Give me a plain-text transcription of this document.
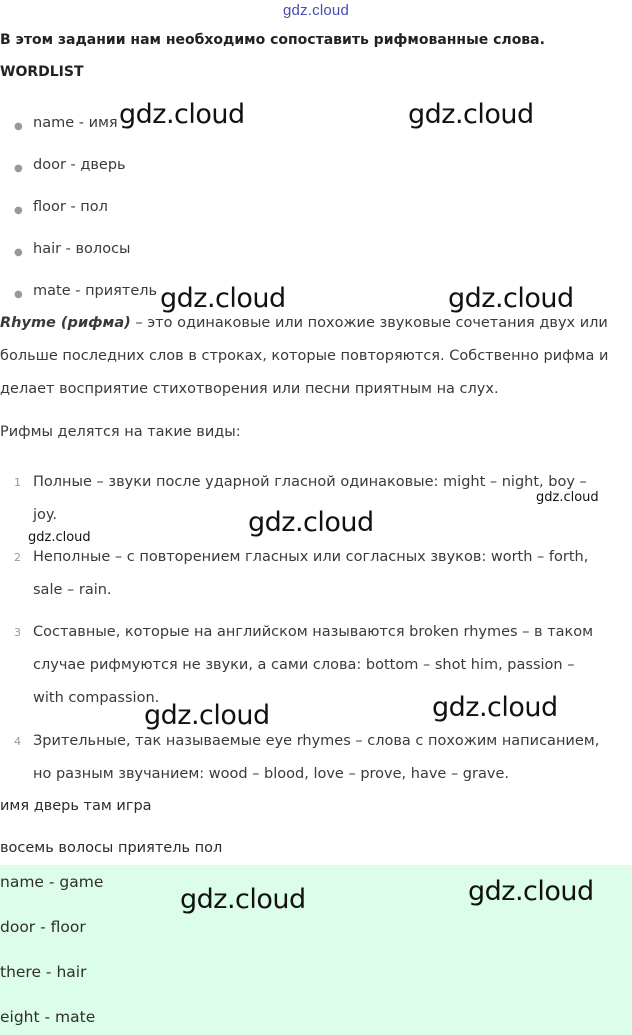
gdz.cloud
В этом задании нам необходимо сопоставить рифмованные слова.
WORDLIST
● name - имя
● door - дверь
● floor - пол
● hair - волосы
● mate - приятель
Rhyme (рифма) – это одинаковые или похожие звуковые сочетания двух или
больше последних слов в строках, которые повторяются. Собственно рифма и
делает восприятие стихотворения или песни приятным на слух.
Рифмы делятся на такие виды:
1 Полные – звуки после ударной гласной одинаковые: might – night, boy –
joy.
2 Неполные – с повторением гласных или согласных звуков: worth – forth,
sale – rain.
3 Составные, которые на английском называются broken rhymes – в таком
случае рифмуются не звуки, а сами слова: bottom – shot him, passion –
with compassion.
4 Зрительные, так называемые eye rhymes – слова с похожим написанием,
но разным звучанием: wood – blood, love – prove, have – grave.
имя дверь там игра
восемь волосы приятель пол
name - game
door - floor
there - hair
eight - mate
gdz.cloud	gdz.cloud
gdz.cloud	gdz.cloud
gdz.cloud
gdz.cloud	gdz.cloud
gdz.cloud	gdz.cloud
gdz.cloud	gdz.cloud
